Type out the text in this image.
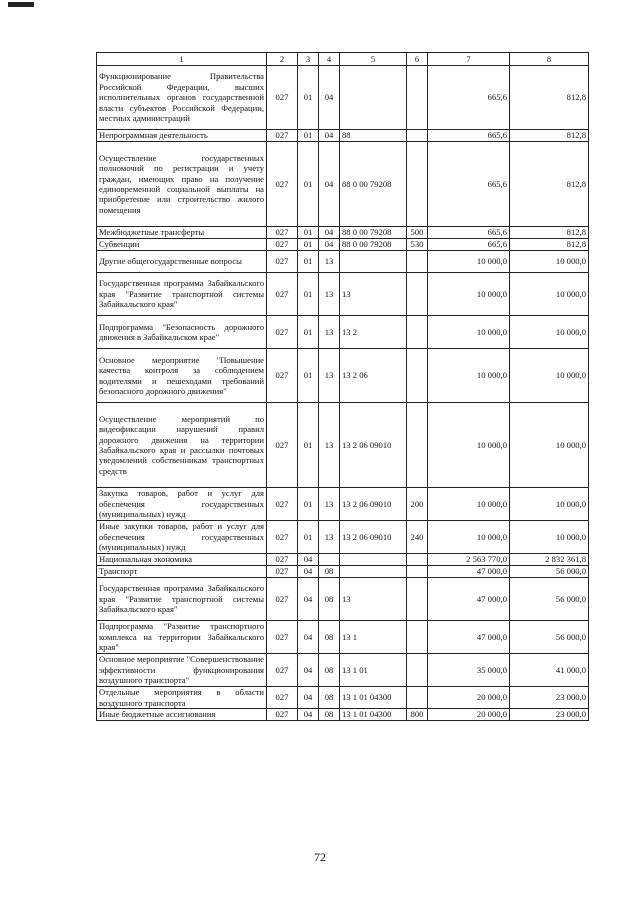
1	2	3	4	5	6	7	8
Функционирование Правительства Российской Федерации, высших исполнительных органов государственной власти субъектов Российской Федерации, местных администраций	027	01	04			665,6	812,8
Непрограммная деятельность	027	01	04	88		665,6	812,8
Осуществление государственных полномочий по регистрации и учету граждан, имеющих право на получение единовременной социальной выплаты на приобретение или строительство жилого помещения	027	01	04	88 0 00 79208		665,6	812,8
Межбюджетные трансферты	027	01	04	88 0 00 79208	500	665,6	812,8
Субвенции	027	01	04	88 0 00 79208	530	665,6	812,8
Другие общегосударственные вопросы	027	01	13			10 000,0	10 000,0
Государственная программа Забайкальского края "Развитие транспортной системы Забайкальского края"	027	01	13	13		10 000,0	10 000,0
Подпрограмма "Безопасность дорожного движения в Забайкальском крае"	027	01	13	13 2		10 000,0	10 000,0
Основное мероприятие "Повышение качества контроля за соблюдением водителями и пешеходами требований безопасного дорожного движения"	027	01	13	13 2 06		10 000,0	10 000,0
Осуществление мероприятий по видеофиксации нарушений правил дорожного движения на территории Забайкальского края и рассылки почтовых уведомлений собственникам транспортных средств	027	01	13	13 2 06 09010		10 000,0	10 000,0
Закупка товаров, работ и услуг для обеспечения государственных (муниципальных) нужд	027	01	13	13 2 06 09010	200	10 000,0	10 000,0
Иные закупки товаров, работ и услуг для обеспечения государственных (муниципальных) нужд	027	01	13	13 2 06 09010	240	10 000,0	10 000,0
Национальная экономика	027	04				2 563 770,0	2 832 361,8
Транспорт	027	04	08			47 000,0	56 000,0
Государственная программа Забайкальского края "Развитие транспортной системы Забайкальского края"	027	04	08	13		47 000,0	56 000,0
Подпрограмма "Развитие транспортного комплекса на территории Забайкальского края"	027	04	08	13 1		47 000,0	56 000,0
Основное мероприятие "Совершенствование эффективности функционирования воздушного транспорта"	027	04	08	13 1 01		35 000,0	41 000,0
Отдельные мероприятия в области воздушного транспорта	027	04	08	13 1 01 04300		20 000,0	23 000,0
Иные бюджетные ассигнования	027	04	08	13 1 01 04300	800	20 000,0	23 000,0
72
